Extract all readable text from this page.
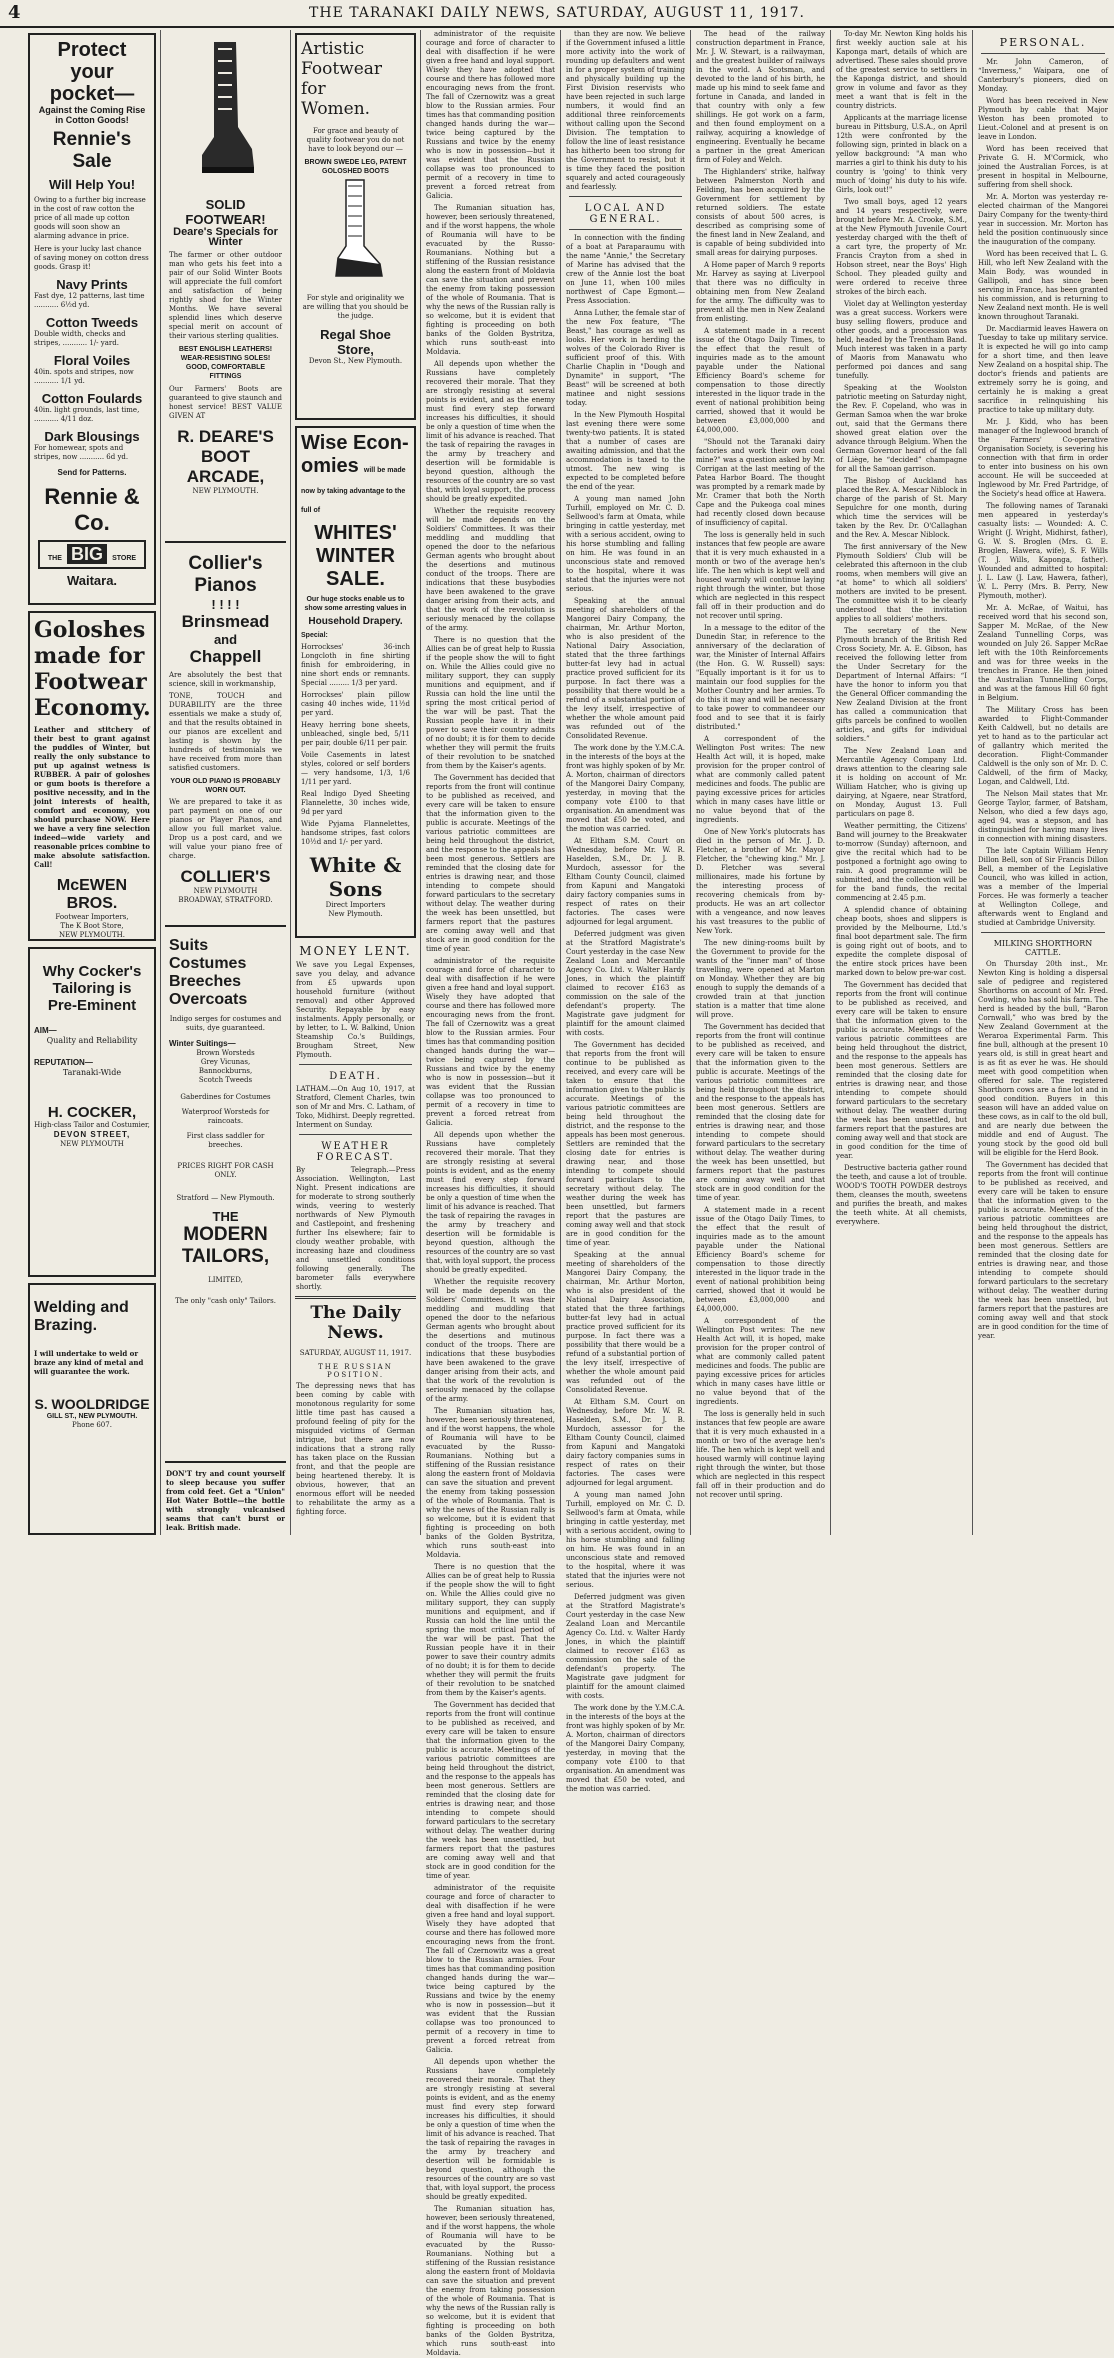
4	THE TARANAKI DAILY NEWS, SATURDAY, AUGUST 11, 1917.
Protect your
pocket—
Against the Coming Rise in Cotton Goods!
Rennie's Sale
Will Help You!
Owing to a further big increase in the cost of raw cotton the price of all made up cotton goods will soon show an alarming advance in price.
Here is your lucky last chance of saving money on cotton dress goods. Grasp it!
Navy Prints
Fast dye, 12 patterns, last time ........... 6½d yd.
Cotton Tweeds
Double width, checks and stripes, ........... 1/- yard.
Floral Voiles
40in. spots and stripes, now ........... 1/1 yd.
Cotton Foulards
40in. light grounds, last time, ........... 4/11 doz.
Dark Blousings
For homewear, spots and stripes, now ........... 6d yd.
Send for Patterns.
Rennie & Co.
THE BIG STORE
Waitara.
Goloshes
made for
Footwear
Economy.
Leather and stitchery of their best to grant against the puddles of Winter, but really the only substance to put up against wetness is RUBBER. A pair of goloshes or gum boots is therefore a positive necessity, and in the joint interests of health, comfort and economy, you should purchase NOW. Here we have a very fine selection indeed—wide variety and reasonable prices combine to make absolute satisfaction. Call!
McEWEN BROS.
Footwear Importers,
The K Boot Store,
NEW PLYMOUTH.
Why Cocker's
Tailoring is
Pre-Eminent
AIM—
Quality and Reliability
REPUTATION—
Taranaki-Wide
H. COCKER,
High-class Tailor and Costumier,
DEVON STREET,
NEW PLYMOUTH
Welding and
Brazing.
I will undertake to weld or braze any kind of metal and will guarantee the work.
S. WOOLDRIDGE
GILL ST., NEW PLYMOUTH.
Phone 607.
SOLID FOOTWEAR!
Deare's Specials for Winter
The farmer or other outdoor man who gets his feet into a pair of our Solid Winter Boots will appreciate the full comfort and satisfaction of being rightly shod for the Winter Months. We have several splendid lines which deserve special merit on account of their various sterling qualities.
BEST ENGLISH LEATHERS! WEAR-RESISTING SOLES! GOOD, COMFORTABLE FITTINGS
Our Farmers' Boots are guaranteed to give staunch and honest service! BEST VALUE GIVEN AT
R. DEARE'S
BOOT
ARCADE,
NEW PLYMOUTH.
Collier's
Pianos
! ! ! !
Brinsmead
and
Chappell
Are absolutely the best that science, skill in workmanship,
TONE, TOUCH and DURABILITY are the three essentials we make a study of, and that the results obtained in our pianos are excellent and lasting is shown by the hundreds of testimonials we have received from more than satisfied customers.
YOUR OLD PIANO IS PROBABLY WORN OUT.
We are prepared to take it as part payment on one of our pianos or Player Pianos, and allow you full market value. Drop us a post card, and we will value your piano free of charge.
COLLIER'S
NEW PLYMOUTH
BROADWAY, STRATFORD.
Suits
Costumes
Breeches
Overcoats
Indigo serges for costumes and suits, dye guaranteed.
Winter Suitings—
Brown Worsteds
Grey Vicunas,
Bannockburns,
Scotch Tweeds
Gaberdines for Costumes
Waterproof Worsteds for raincoats.
First class saddler for breeches.
PRICES RIGHT FOR CASH ONLY.
Stratford — New Plymouth.
THE
MODERN
TAILORS,
LIMITED,
The only "cash only" Tailors.
DON'T try and count yourself to sleep because you suffer from cold feet. Get a "Union" Hot Water Bottle—the bottle with strongly vulcanised seams that can't burst or leak. British made.
Artistic
Footwear
for
Women.
For grace and beauty of quality footwear you do not have to look beyond our —
BROWN SWEDE LEG, PATENT GOLOSHED BOOTS
For style and originality we are willing that you should be the judge.
Regal Shoe Store,
Devon St., New Plymouth.
Wise Econ-
omies will be made now by taking advantage to the full of
WHITES'
WINTER
SALE.
Our huge stocks enable us to show some arresting values in
Household Drapery.
Special:
Horrockses' 36-inch Longcloth in fine shirting finish for embroidering, in nine short ends or remnants. Special ......... 1/3 per yard.
Horrockses' plain pillow casing 40 inches wide, 11½d per yard.
Heavy herring bone sheets, unbleached, single bed, 5/11 per pair, double 6/11 per pair.
Voile Casements in latest styles, colored or self borders — very handsome, 1/3, 1/6 1/11 per yard.
Real Indigo Dyed Sheeting Flannelette, 30 inches wide, 9d per yard
Wide Pyjama Flannelettes, handsome stripes, fast colors 10½d and 1/- per yard.
White & Sons
Direct Importers
New Plymouth.
MONEY LENT.
We save you Legal Expenses, save you delay, and advance from £5 upwards upon household furniture (without removal) and other Approved Security. Repayable by easy instalments. Apply personally, or by letter, to L. W. Balkind, Union Steamship Co.'s Buildings, Brougham Street, New Plymouth.
DEATH.
LATHAM.—On Aug 10, 1917, at Stratford, Clement Charles, twin son of Mr and Mrs. C. Latham, of Toko, Midhirst. Deeply regretted. Interment on Sunday.
WEATHER FORECAST.
By Telegraph.—Press Association. Wellington, Last Night. Present indications are for moderate to strong southerly winds, veering to westerly northwards of New Plymouth and Castlepoint, and freshening further Ins elsewhere; fair to cloudy weather probable, with increasing haze and cloudiness and unsettled conditions following generally. The barometer falls everywhere shortly.
The Daily News.
SATURDAY, AUGUST 11, 1917.
THE RUSSIAN POSITION.
The depressing news that has been coming by cable with monotonous regularity for some little time past has caused a profound feeling of pity for the misguided victims of German intrigue, but there are now indications that a strong rally has taken place on the Russian front, and that the people are being heartened thereby. It is obvious, however, that an enormous effort will be needed to rehabilitate the army as a fighting force.

administrator of the requisite courage and force of character to deal with disaffection if he were given a free hand and loyal support. Wisely they have adopted that course and there has followed more encouraging news from the front. The fall of Czernowitz was a great blow to the Russian armies. Four times has that commanding position changed hands during the war—twice being captured by the Russians and twice by the enemy who is now in possession—but it was evident that the Russian collapse was too pronounced to permit of a recovery in time to prevent a forced retreat from Galicia.

The Rumanian situation has, however, been seriously threatened, and if the worst happens, the whole of Roumania will have to be evacuated by the Russo-Roumanians. Nothing but a stiffening of the Russian resistance along the eastern front of Moldavia can save the situation and prevent the enemy from taking possession of the whole of Roumania. That is why the news of the Russian rally is so welcome, but it is evident that fighting is proceeding on both banks of the Golden Bystritza, which runs south-east into Moldavia.

All depends upon whether the Russians have completely recovered their morale. That they are strongly resisting at several points is evident, and as the enemy must find every step forward increases his difficulties, it should be only a question of time when the limit of his advance is reached. That the task of repairing the ravages in the army by treachery and desertion will be formidable is beyond question, although the resources of the country are so vast that, with loyal support, the process should be greatly expedited.

Whether the requisite recovery will be made depends on the Soldiers' Committees. It was their meddling and muddling that opened the door to the nefarious German agents who brought about the desertions and mutinous conduct of the troops. There are indications that these busybodies have been awakened to the grave danger arising from their acts, and that the work of the revolution is seriously menaced by the collapse of the army.

There is no question that the Allies can be of great help to Russia if the people show the will to fight on. While the Allies could give no military support, they can supply munitions and equipment, and if Russia can hold the line until the spring the most critical period of the war will be past. That the Russian people have it in their power to save their country admits of no doubt; it is for them to decide whether they will permit the fruits of their revolution to be snatched from them by the Kaiser's agents.

The Government has decided that reports from the front will continue to be published as received, and every care will be taken to ensure that the information given to the public is accurate. Meetings of the various patriotic committees are being held throughout the district, and the response to the appeals has been most generous. Settlers are reminded that the closing date for entries is drawing near, and those intending to compete should forward particulars to the secretary without delay. The weather during the week has been unsettled, but farmers report that the pastures are coming away well and that stock are in good condition for the time of year.

administrator of the requisite courage and force of character to deal with disaffection if he were given a free hand and loyal support. Wisely they have adopted that course and there has followed more encouraging news from the front. The fall of Czernowitz was a great blow to the Russian armies. Four times has that commanding position changed hands during the war—twice being captured by the Russians and twice by the enemy who is now in possession—but it was evident that the Russian collapse was too pronounced to permit of a recovery in time to prevent a forced retreat from Galicia.

All depends upon whether the Russians have completely recovered their morale. That they are strongly resisting at several points is evident, and as the enemy must find every step forward increases his difficulties, it should be only a question of time when the limit of his advance is reached. That the task of repairing the ravages in the army by treachery and desertion will be formidable is beyond question, although the resources of the country are so vast that, with loyal support, the process should be greatly expedited.

Whether the requisite recovery will be made depends on the Soldiers' Committees. It was their meddling and muddling that opened the door to the nefarious German agents who brought about the desertions and mutinous conduct of the troops. There are indications that these busybodies have been awakened to the grave danger arising from their acts, and that the work of the revolution is seriously menaced by the collapse of the army.

The Rumanian situation has, however, been seriously threatened, and if the worst happens, the whole of Roumania will have to be evacuated by the Russo-Roumanians. Nothing but a stiffening of the Russian resistance along the eastern front of Moldavia can save the situation and prevent the enemy from taking possession of the whole of Roumania. That is why the news of the Russian rally is so welcome, but it is evident that fighting is proceeding on both banks of the Golden Bystritza, which runs south-east into Moldavia.

There is no question that the Allies can be of great help to Russia if the people show the will to fight on. While the Allies could give no military support, they can supply munitions and equipment, and if Russia can hold the line until the spring the most critical period of the war will be past. That the Russian people have it in their power to save their country admits of no doubt; it is for them to decide whether they will permit the fruits of their revolution to be snatched from them by the Kaiser's agents.

The Government has decided that reports from the front will continue to be published as received, and every care will be taken to ensure that the information given to the public is accurate. Meetings of the various patriotic committees are being held throughout the district, and the response to the appeals has been most generous. Settlers are reminded that the closing date for entries is drawing near, and those intending to compete should forward particulars to the secretary without delay. The weather during the week has been unsettled, but farmers report that the pastures are coming away well and that stock are in good condition for the time of year.

administrator of the requisite courage and force of character to deal with disaffection if he were given a free hand and loyal support. Wisely they have adopted that course and there has followed more encouraging news from the front. The fall of Czernowitz was a great blow to the Russian armies. Four times has that commanding position changed hands during the war—twice being captured by the Russians and twice by the enemy who is now in possession—but it was evident that the Russian collapse was too pronounced to permit of a recovery in time to prevent a forced retreat from Galicia.

All depends upon whether the Russians have completely recovered their morale. That they are strongly resisting at several points is evident, and as the enemy must find every step forward increases his difficulties, it should be only a question of time when the limit of his advance is reached. That the task of repairing the ravages in the army by treachery and desertion will be formidable is beyond question, although the resources of the country are so vast that, with loyal support, the process should be greatly expedited.

The Rumanian situation has, however, been seriously threatened, and if the worst happens, the whole of Roumania will have to be evacuated by the Russo-Roumanians. Nothing but a stiffening of the Russian resistance along the eastern front of Moldavia can save the situation and prevent the enemy from taking possession of the whole of Roumania. That is why the news of the Russian rally is so welcome, but it is evident that fighting is proceeding on both banks of the Golden Bystritza, which runs south-east into Moldavia.

than they are now. We believe if the Government infused a little more activity into the work of rounding up defaulters and went in for a proper system of training and physically building up the First Division reservists who have been rejected in such large numbers, it would find an additional three reinforcements without calling upon the Second Division. The temptation to follow the line of least resistance has hitherto been too strong for the Government to resist, but it is time they faced the position squarely and acted courageously and fearlessly.

LOCAL AND GENERAL.

In connection with the finding of a boat at Paraparaumu with the name "Annie," the Secretary of Marine has advised that the crew of the Annie lost the boat on June 11, when 100 miles northwest of Cape Egmont.—Press Association.

Anna Luther, the female star of the new Fox feature, "The Beast," has courage as well as looks. Her work in herding the wolves of the Colorado River is sufficient proof of this. With Charlie Chaplin in "Dough and Dynamite" in support, "The Beast" will be screened at both matinee and night sessions today.

In the New Plymouth Hospital last evening there were some twenty-two patients. It is stated that a number of cases are awaiting admission, and that the accommodation is taxed to the utmost. The new wing is expected to be completed before the end of the year.

A young man named John Turhill, employed on Mr. C. D. Sellwood's farm at Omata, while bringing in cattle yesterday, met with a serious accident, owing to his horse stumbling and falling on him. He was found in an unconscious state and removed to the hospital, where it was stated that the injuries were not serious.

Speaking at the annual meeting of shareholders of the Mangorei Dairy Company, the chairman, Mr. Arthur Morton, who is also president of the National Dairy Association, stated that the three farthings butter-fat levy had in actual practice proved sufficient for its purpose. In fact there was a possibility that there would be a refund of a substantial portion of the levy itself, irrespective of whether the whole amount paid was refunded out of the Consolidated Revenue.

The work done by the Y.M.C.A. in the interests of the boys at the front was highly spoken of by Mr. A. Morton, chairman of directors of the Mangorei Dairy Company, yesterday, in moving that the company vote £100 to that organisation. An amendment was moved that £50 be voted, and the motion was carried.

At Eltham S.M. Court on Wednesday, before Mr. W. R. Haselden, S.M., Dr. J. B. Murdoch, assessor for the Eltham County Council, claimed from Kapuni and Mangatoki dairy factory companies sums in respect of rates on their factories. The cases were adjourned for legal argument.

Deferred judgment was given at the Stratford Magistrate's Court yesterday in the case New Zealand Loan and Mercantile Agency Co. Ltd. v. Walter Hardy Jones, in which the plaintiff claimed to recover £163 as commission on the sale of the defendant's property. The Magistrate gave judgment for plaintiff for the amount claimed with costs.

The Government has decided that reports from the front will continue to be published as received, and every care will be taken to ensure that the information given to the public is accurate. Meetings of the various patriotic committees are being held throughout the district, and the response to the appeals has been most generous. Settlers are reminded that the closing date for entries is drawing near, and those intending to compete should forward particulars to the secretary without delay. The weather during the week has been unsettled, but farmers report that the pastures are coming away well and that stock are in good condition for the time of year.

Speaking at the annual meeting of shareholders of the Mangorei Dairy Company, the chairman, Mr. Arthur Morton, who is also president of the National Dairy Association, stated that the three farthings butter-fat levy had in actual practice proved sufficient for its purpose. In fact there was a possibility that there would be a refund of a substantial portion of the levy itself, irrespective of whether the whole amount paid was refunded out of the Consolidated Revenue.

At Eltham S.M. Court on Wednesday, before Mr. W. R. Haselden, S.M., Dr. J. B. Murdoch, assessor for the Eltham County Council, claimed from Kapuni and Mangatoki dairy factory companies sums in respect of rates on their factories. The cases were adjourned for legal argument.

A young man named John Turhill, employed on Mr. C. D. Sellwood's farm at Omata, while bringing in cattle yesterday, met with a serious accident, owing to his horse stumbling and falling on him. He was found in an unconscious state and removed to the hospital, where it was stated that the injuries were not serious.

Deferred judgment was given at the Stratford Magistrate's Court yesterday in the case New Zealand Loan and Mercantile Agency Co. Ltd. v. Walter Hardy Jones, in which the plaintiff claimed to recover £163 as commission on the sale of the defendant's property. The Magistrate gave judgment for plaintiff for the amount claimed with costs.

The work done by the Y.M.C.A. in the interests of the boys at the front was highly spoken of by Mr. A. Morton, chairman of directors of the Mangorei Dairy Company, yesterday, in moving that the company vote £100 to that organisation. An amendment was moved that £50 be voted, and the motion was carried.

The head of the railway construction department in France, Mr. J. W. Stewart, is a railwayman, and the greatest builder of railways in the world. A Scotsman, and devoted to the land of his birth, he made up his mind to seek fame and fortune in Canada, and landed in that country with only a few shillings. He got work on a farm, and then found employment on a railway, acquiring a knowledge of engineering. Eventually he became a partner in the great American firm of Foley and Welch.

The Highlanders' strike, halfway between Palmerston North and Feilding, has been acquired by the Government for settlement by returned soldiers. The estate consists of about 500 acres, is described as comprising some of the finest land in New Zealand, and is capable of being subdivided into small areas for dairying purposes.

A Home paper of March 9 reports Mr. Harvey as saying at Liverpool that there was no difficulty in obtaining men from New Zealand for the army. The difficulty was to prevent all the men in New Zealand from enlisting.

A statement made in a recent issue of the Otago Daily Times, to the effect that the result of inquiries made as to the amount payable under the National Efficiency Board's scheme for compensation to those directly interested in the liquor trade in the event of national prohibition being carried, showed that it would be between £3,000,000 and £4,000,000.

"Should not the Taranaki dairy factories and work their own coal mine?" was a question asked by Mr. Corrigan at the last meeting of the Patea Harbor Board. The thought was prompted by a remark made by Mr. Cramer that both the North Cape and the Pukeoga coal mines had recently closed down because of insufficiency of capital.

The loss is generally held in such instances that few people are aware that it is very much exhausted in a month or two of the average hen's life. The hen which is kept well and housed warmly will continue laying right through the winter, but those which are neglected in this respect fall off in their production and do not recover until spring.

In a message to the editor of the Dunedin Star, in reference to the anniversary of the declaration of war, the Minister of Internal Affairs (the Hon. G. W. Russell) says: "Equally important is it for us to maintain our food supplies for the Mother Country and her armies. To do this it may and will be necessary to take power to commandeer our food and to see that it is fairly distributed."

A correspondent of the Wellington Post writes: The new Health Act will, it is hoped, make provision for the proper control of what are commonly called patent medicines and foods. The public are paying excessive prices for articles which in many cases have little or no value beyond that of the ingredients.

One of New York's plutocrats has died in the person of Mr. J. D. Fletcher, a brother of Mr. Mayor Fletcher, the "chewing king." Mr. J. D. Fletcher was several millionaires, made his fortune by the interesting process of recovering chemicals from by-products. He was an art collector with a vengeance, and now leaves his vast treasures to the public of New York.

The new dining-rooms built by the Government to provide for the wants of the "inner man" of those travelling, were opened at Marton on Monday. Whether they are big enough to supply the demands of a crowded train at that junction station is a matter that time alone will prove.

The Government has decided that reports from the front will continue to be published as received, and every care will be taken to ensure that the information given to the public is accurate. Meetings of the various patriotic committees are being held throughout the district, and the response to the appeals has been most generous. Settlers are reminded that the closing date for entries is drawing near, and those intending to compete should forward particulars to the secretary without delay. The weather during the week has been unsettled, but farmers report that the pastures are coming away well and that stock are in good condition for the time of year.

A statement made in a recent issue of the Otago Daily Times, to the effect that the result of inquiries made as to the amount payable under the National Efficiency Board's scheme for compensation to those directly interested in the liquor trade in the event of national prohibition being carried, showed that it would be between £3,000,000 and £4,000,000.

A correspondent of the Wellington Post writes: The new Health Act will, it is hoped, make provision for the proper control of what are commonly called patent medicines and foods. The public are paying excessive prices for articles which in many cases have little or no value beyond that of the ingredients.

The loss is generally held in such instances that few people are aware that it is very much exhausted in a month or two of the average hen's life. The hen which is kept well and housed warmly will continue laying right through the winter, but those which are neglected in this respect fall off in their production and do not recover until spring.

To-day Mr. Newton King holds his first weekly auction sale at his Kaponga mart, details of which are advertised. These sales should prove of the greatest service to settlers in the Kaponga district, and should grow in volume and favor as they meet a want that is felt in the country districts.

Applicants at the marriage license bureau in Pittsburg, U.S.A., on April 12th were confronted by the following sign, printed in black on a yellow background: "A man who marries a girl to think his duty to his country is ‘going’ to think very much of ‘doing’ his duty to his wife. Girls, look out!"

Two small boys, aged 12 years and 14 years respectively, were brought before Mr. A. Crooke, S.M., at the New Plymouth Juvenile Court yesterday charged with the theft of a cart tyre, the property of Mr. Francis Crayton from a shed in Hobson street, near the Boys' High School. They pleaded guilty and were ordered to receive three strokes of the birch each.

Violet day at Wellington yesterday was a great success. Workers were busy selling flowers, produce and other goods, and a procession was held, headed by the Trentham Band. Much interest was taken in a party of Maoris from Manawatu who performed poi dances and sang tunefully.

Speaking at the Woolston patriotic meeting on Saturday night, the Rev. F. Copeland, who was in German Samoa when the war broke out, said that the Germans there showed great elation over the advance through Belgium. When the German Governor heard of the fall of Liège, he “decided” champagne for all the Samoan garrison.

The Bishop of Auckland has placed the Rev. A. Mescar Niblock in charge of the parish of St. Mary Sepulchre for one month, during which time the services will be taken by the Rev. Dr. O'Callaghan and the Rev. A. Mescar Niblock.

The first anniversary of the New Plymouth Soldiers' Club will be celebrated this afternoon in the club rooms, when members will give an “at home” to which all soldiers' mothers are invited to be present. The committee wish it to be clearly understood that the invitation applies to all soldiers' mothers.

The secretary of the New Plymouth branch of the British Red Cross Society, Mr. A. E. Gibson, has received the following letter from the Under Secretary for the Department of Internal Affairs: “I have the honor to inform you that the General Officer commanding the New Zealand Division at the front has called a communication that gifts parcels be confined to woollen articles, and gifts for individual soldiers.”

The New Zealand Loan and Mercantile Agency Company Ltd. draws attention to the clearing sale it is holding on account of Mr. William Hatcher, who is giving up dairying, at Ngaere, near Stratford, on Monday, August 13. Full particulars on page 8.

Weather permitting, the Citizens' Band will journey to the Breakwater to-morrow (Sunday) afternoon, and give the recital which had to be postponed a fortnight ago owing to rain. A good programme will be submitted, and the collection will be for the band funds, the recital commencing at 2.45 p.m.

A splendid chance of obtaining cheap boots, shoes and slippers is provided by the Melbourne, Ltd.'s final boot department sale. The firm is going right out of boots, and to expedite the complete disposal of the entire stock prices have been marked down to below pre-war cost.

The Government has decided that reports from the front will continue to be published as received, and every care will be taken to ensure that the information given to the public is accurate. Meetings of the various patriotic committees are being held throughout the district, and the response to the appeals has been most generous. Settlers are reminded that the closing date for entries is drawing near, and those intending to compete should forward particulars to the secretary without delay. The weather during the week has been unsettled, but farmers report that the pastures are coming away well and that stock are in good condition for the time of year.

Destructive bacteria gather round the teeth, and cause a lot of trouble. WOOD'S TOOTH POWDER destroys them, cleanses the mouth, sweetens and purifies the breath, and makes the teeth white. At all chemists, everywhere.

PERSONAL.

Mr. John Cameron, of “Inverness,” Waipara, one of Canterbury's pioneers, died on Monday.

Word has been received in New Plymouth by cable that Major Weston has been promoted to Lieut.-Colonel and at present is on leave in London.

Word has been received that Private G. H. M'Cormick, who joined the Australian Forces, is at present in hospital in Melbourne, suffering from shell shock.

Mr. A. Morton was yesterday re-elected chairman of the Mangorei Dairy Company for the twenty-third year in succession. Mr. Morton has held the position continuously since the inauguration of the company.

Word has been received that L. G. Hill, who left New Zealand with the Main Body, was wounded in Gallipoli, and has since been serving in France, has been granted his commission, and is returning to New Zealand next month. He is well known throughout Taranaki.

Dr. Macdiarmid leaves Hawera on Tuesday to take up military service. It is expected he will go into camp for a short time, and then leave New Zealand on a hospital ship. The doctor's friends and patients are extremely sorry he is going, and certainly he is making a great sacrifice in relinquishing his practice to take up military duty.

Mr. J. Kidd, who has been manager of the Inglewood branch of the Farmers' Co-operative Organisation Society, is severing his connection with that firm in order to enter into business on his own account. He will be succeeded at Inglewood by Mr. Fred Partridge, of the Society's head office at Hawera.

The following names of Taranaki men appeared in yesterday's casualty lists: — Wounded: A. C. Wright (J. Wright, Midhirst, father), G. W. S. Broglen (Mrs. G. E. Broglen, Hawera, wife), S. F. Wills (T. J. Wills, Kaponga, father). Wounded and admitted to hospital: J. L. Law (J. Law, Hawera, father), W. L. Perry (Mrs. B. Perry, New Plymouth, mother).

Mr. A. McRae, of Waitui, has received word that his second son, Sapper M. McRae, of the New Zealand Tunnelling Corps, was wounded on July 26. Sapper McRae left with the 10th Reinforcements and was for three weeks in the trenches in France. He then joined the Australian Tunnelling Corps, and was at the famous Hill 60 fight in Belgium.

The Military Cross has been awarded to Flight-Commander Keith Caldwell, but no details are yet to hand as to the particular act of gallantry which merited the decoration. Flight-Commander Caldwell is the only son of Mr. D. C. Caldwell, of the firm of Macky, Logan, and Caldwell, Ltd.

The Nelson Mail states that Mr. George Taylor, farmer, of Batsham, Nelson, who died a few days ago, aged 94, was a stepson, and has distinguished for having many lives in connection with mining disasters.

The late Captain William Henry Dillon Bell, son of Sir Francis Dillon Bell, a member of the Legislative Council, who was killed in action, was a member of the Imperial Forces. He was formerly a teacher at Wellington College, and afterwards went to England and studied at Cambridge University.

MILKING SHORTHORN CATTLE.

On Thursday 20th inst., Mr. Newton King is holding a dispersal sale of pedigree and registered Shorthorns on account of Mr. Fred. Cowling, who has sold his farm. The herd is headed by the bull, “Baron Cornwall,” who was bred by the New Zealand Government at the Weraroa Experimental Farm. This fine bull, although at the present 10 years old, is still in great heart and is as fit as ever he was. He should meet with good competition when offered for sale. The registered Shorthorn cows are a fine lot and in good condition. Buyers in this season will have an added value on these cows, as in calf to the old bull, and are nearly due between the middle and end of August. The young stock by the good old bull will be eligible for the Herd Book.

The Government has decided that reports from the front will continue to be published as received, and every care will be taken to ensure that the information given to the public is accurate. Meetings of the various patriotic committees are being held throughout the district, and the response to the appeals has been most generous. Settlers are reminded that the closing date for entries is drawing near, and those intending to compete should forward particulars to the secretary without delay. The weather during the week has been unsettled, but farmers report that the pastures are coming away well and that stock are in good condition for the time of year.
